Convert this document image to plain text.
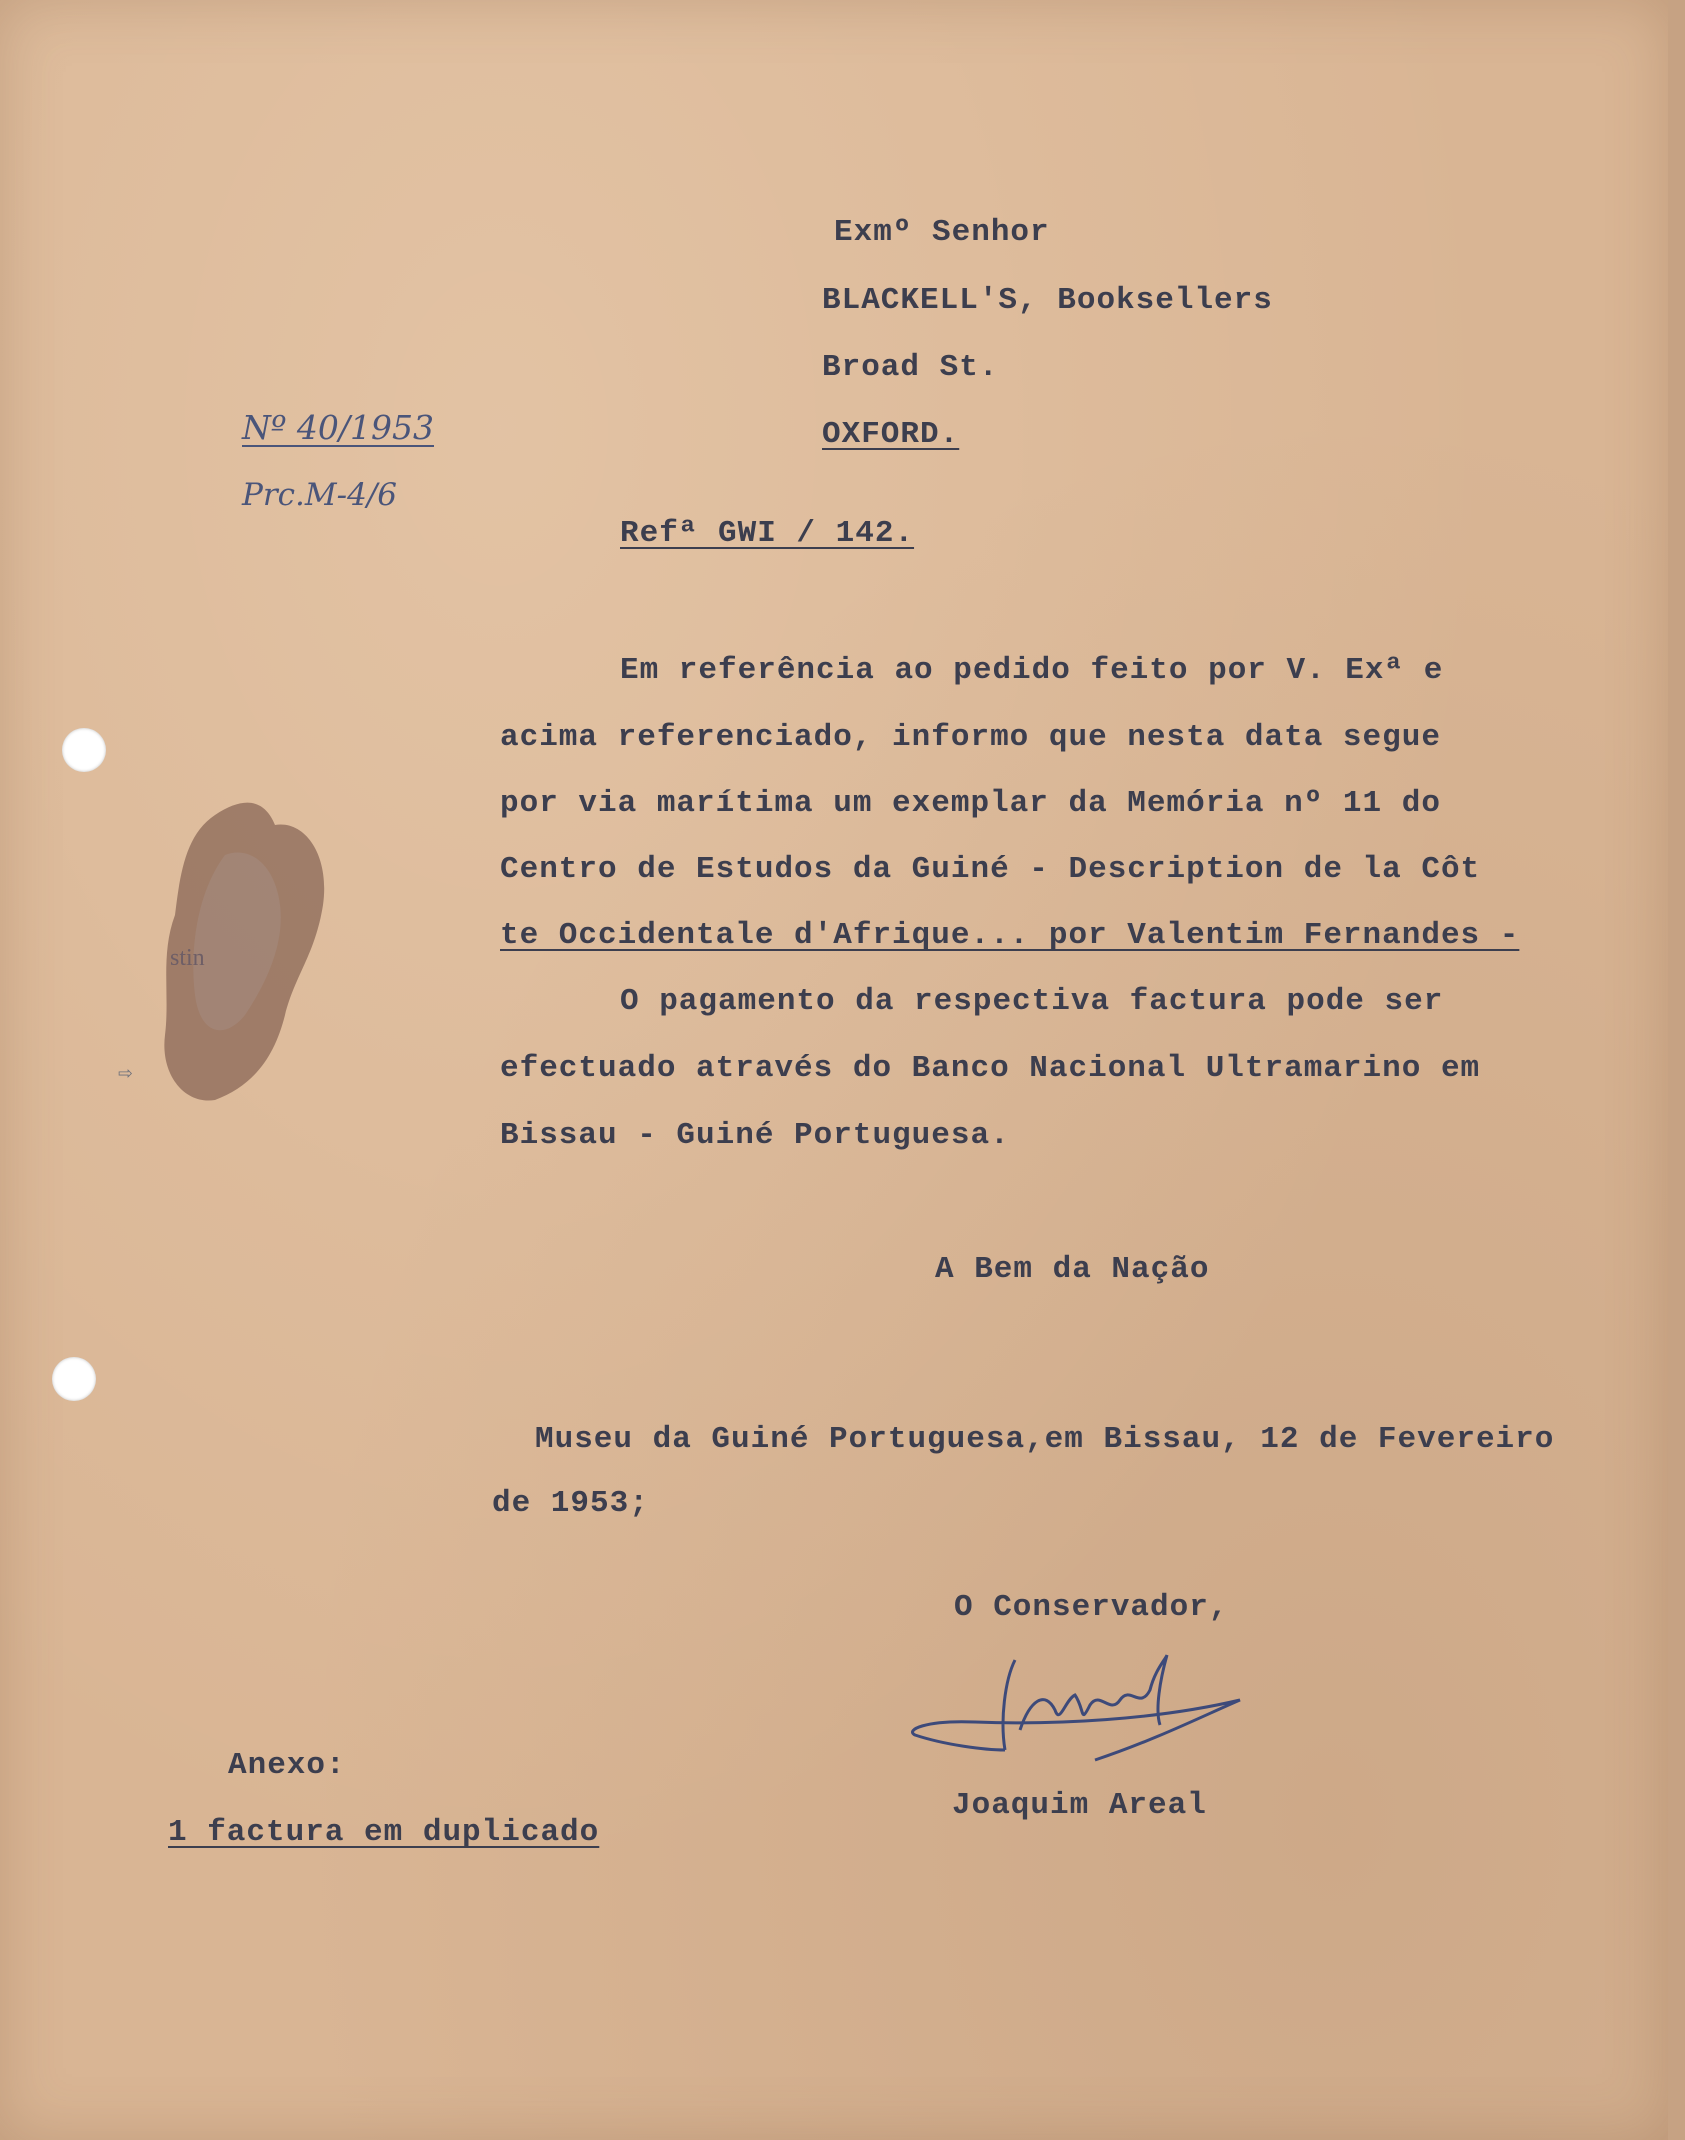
stin
⇨
Exmº Senhor
BLACKELL'S, Booksellers
Broad St.
OXFORD.
Nº 40/1953
Prc.M-4/6
Refª GWI / 142.
Em referência ao pedido feito por V. Exª e
acima referenciado, informo que nesta data segue
por via marítima um exemplar da Memória nº 11 do
Centro de Estudos da Guiné - Description de la Côt
te Occidentale d'Afrique... por Valentim Fernandes -
O pagamento da respectiva factura pode ser
efectuado através do Banco Nacional Ultramarino em
Bissau - Guiné Portuguesa.
A Bem da Nação
Museu da Guiné Portuguesa,em Bissau, 12 de Fevereiro
de 1953;
O Conservador,
Joaquim Areal
Anexo:
1 factura em duplicado
